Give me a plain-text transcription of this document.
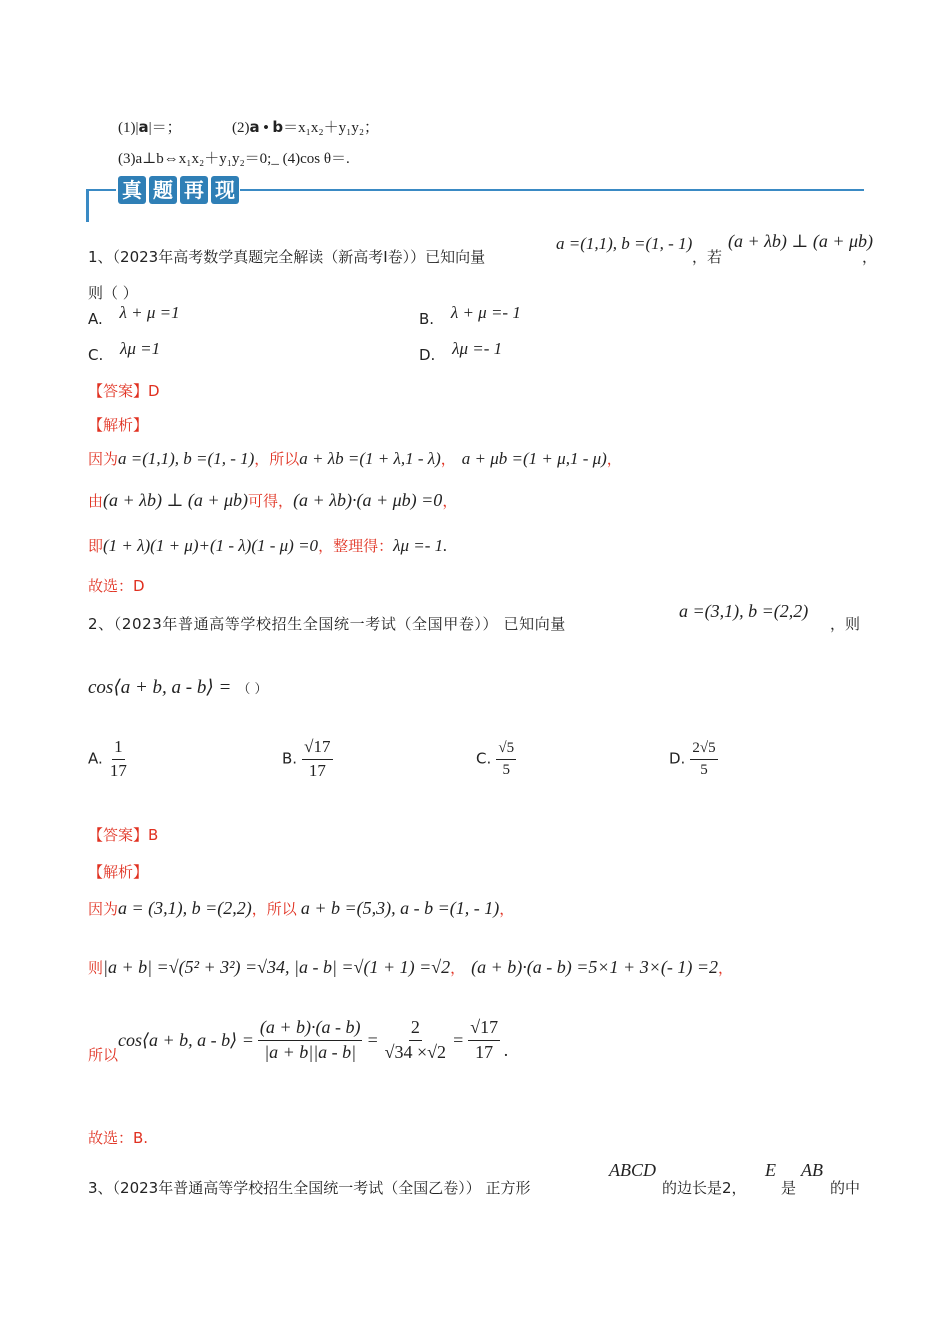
(1)|a|＝；	(2)a • b＝x₁x₂＋y₁y₂；
(3)a⊥b⇔x₁x₂＋y₁y₂＝0;_ (4)cos θ＝.
真 题 再 现
1、（2023年高考数学真题完全解读（新高考Ⅰ卷））已知向量
a =(1,1), b =(1, - 1)
，若
(a + λb) ⊥ (a + μb)
，
则（ ）
A. λ + μ =1	B. λ + μ =- 1
C. λμ =1	D. λμ =- 1
【答案】D
【解析】
因为a =(1,1), b =(1, - 1)，所以a + λb =(1 + λ,1 - λ)， a + μb =(1 + μ,1 - μ)，
由(a + λb) ⊥ (a + μb)可得，(a + λb)·(a + μb) =0，
即(1 + λ)(1 + μ)+(1 - λ)(1 - μ) =0，整理得：λμ =- 1.
故选：D
2、（2023年普通高等学校招生全国统一考试（全国甲卷）） 已知向量
a =(3,1), b =(2,2)
，则
cos⟨a + b, a - b⟩ = （ ）
A. $\frac{1}{17}$	B. $\frac{√17}{17}$	C. $\frac{√5}{5}$	D. $\frac{2√5}{5}$
【答案】B
【解析】
因为a = (3,1), b =(2,2)，所以 a + b =(5,3), a - b =(1, - 1)，
则|a + b| =√(5² + 3²) =√34, |a - b| =√(1 + 1) =√2， (a + b)·(a - b) =5×1 + 3×(- 1) =2，
所以
cos⟨a + b, a - b⟩ = $\frac{(a + b)\cdot(a - b)}{|a + b||a - b|} = \frac{2}{√34 \times√2} = \frac{√17}{17}$ .
故选：B.
3、（2023年普通高等学校招生全国统一考试（全国乙卷）） 正方形
ABCD
的边长是2，
E
是
AB
的中
